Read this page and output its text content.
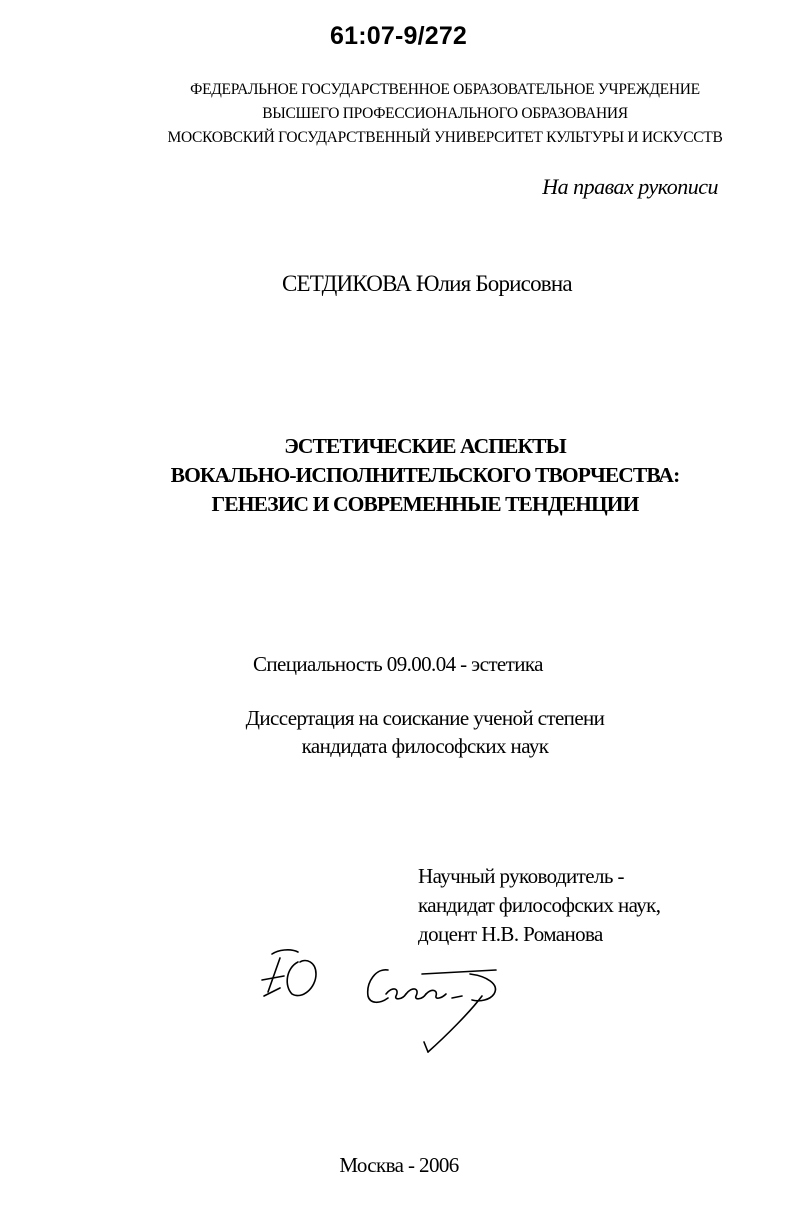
61:07-9/272
ФЕДЕРАЛЬНОЕ ГОСУДАРСТВЕННОЕ ОБРАЗОВАТЕЛЬНОЕ УЧРЕЖДЕНИЕ
ВЫСШЕГО ПРОФЕССИОНАЛЬНОГО ОБРАЗОВАНИЯ
МОСКОВСКИЙ ГОСУДАРСТВЕННЫЙ УНИВЕРСИТЕТ КУЛЬТУРЫ И ИСКУССТВ
На правах рукописи
СЕТДИКОВА Юлия Борисовна
ЭСТЕТИЧЕСКИЕ АСПЕКТЫ
ВОКАЛЬНО-ИСПОЛНИТЕЛЬСКОГО ТВОРЧЕСТВА:
ГЕНЕЗИС И СОВРЕМЕННЫЕ ТЕНДЕНЦИИ
Специальность 09.00.04 - эстетика
Диссертация на соискание ученой степени
кандидата философских наук
Научный руководитель -
кандидат философских наук,
доцент Н.В. Романова
Москва - 2006
